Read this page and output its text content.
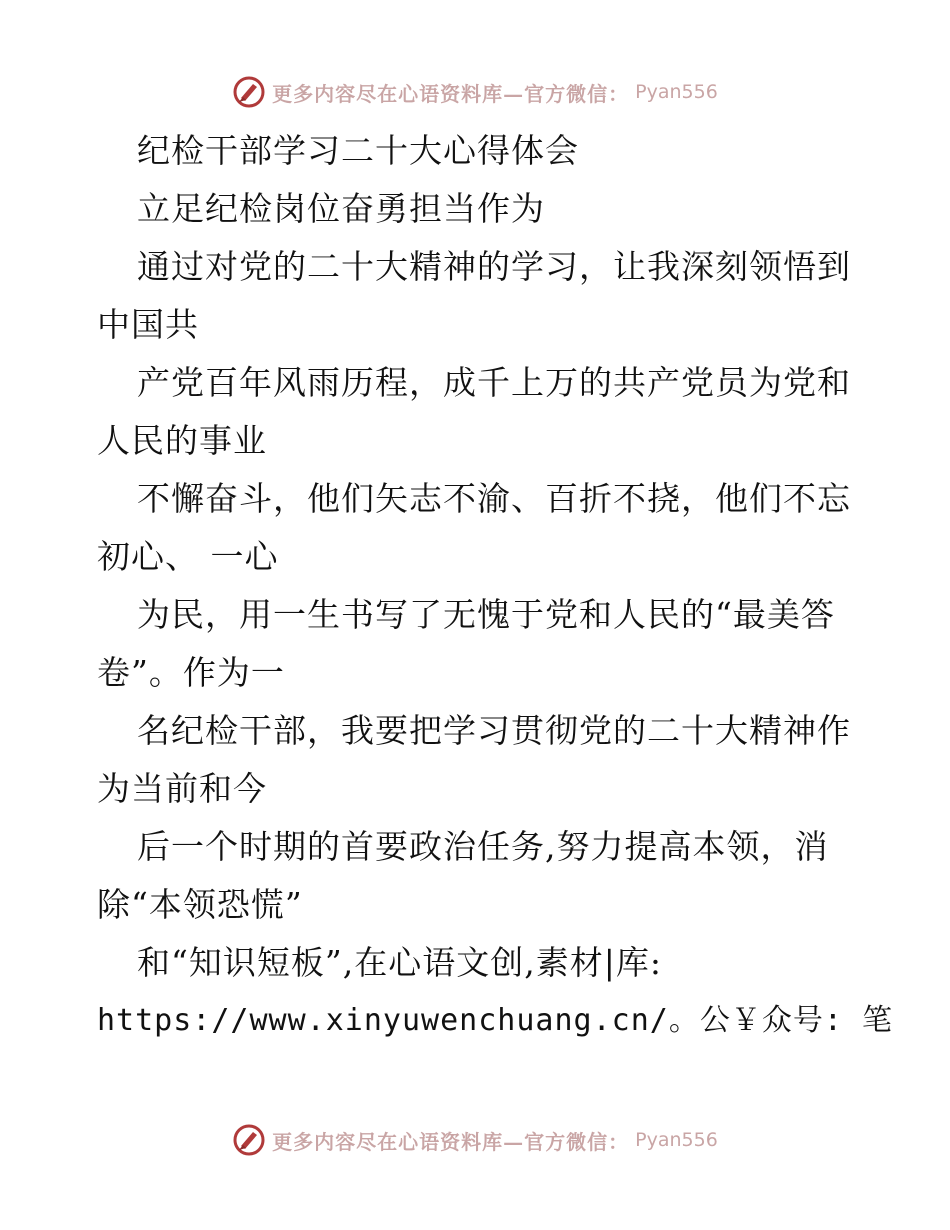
更多内容尽在心语资料库—官方微信： Pyan556
纪检干部学习二十大心得体会
立足纪检岗位奋勇担当作为
通过对党的二十大精神的学习，让我深刻领悟到
中国共
产党百年风雨历程，成千上万的共产党员为党和
人民的事业
不懈奋斗，他们矢志不渝、百折不挠，他们不忘
初心、 一心
为民，用一生书写了无愧于党和人民的“最美答
卷”。作为一
名纪检干部，我要把学习贯彻党的二十大精神作
为当前和今
后一个时期的首要政治任务,努力提高本领，消
除“本领恐慌”
和“知识短板”,在心语文创,素材|库:
https://www.xinyuwenchuang.cn/。公￥众号: 笔
更多内容尽在心语资料库—官方微信： Pyan556
